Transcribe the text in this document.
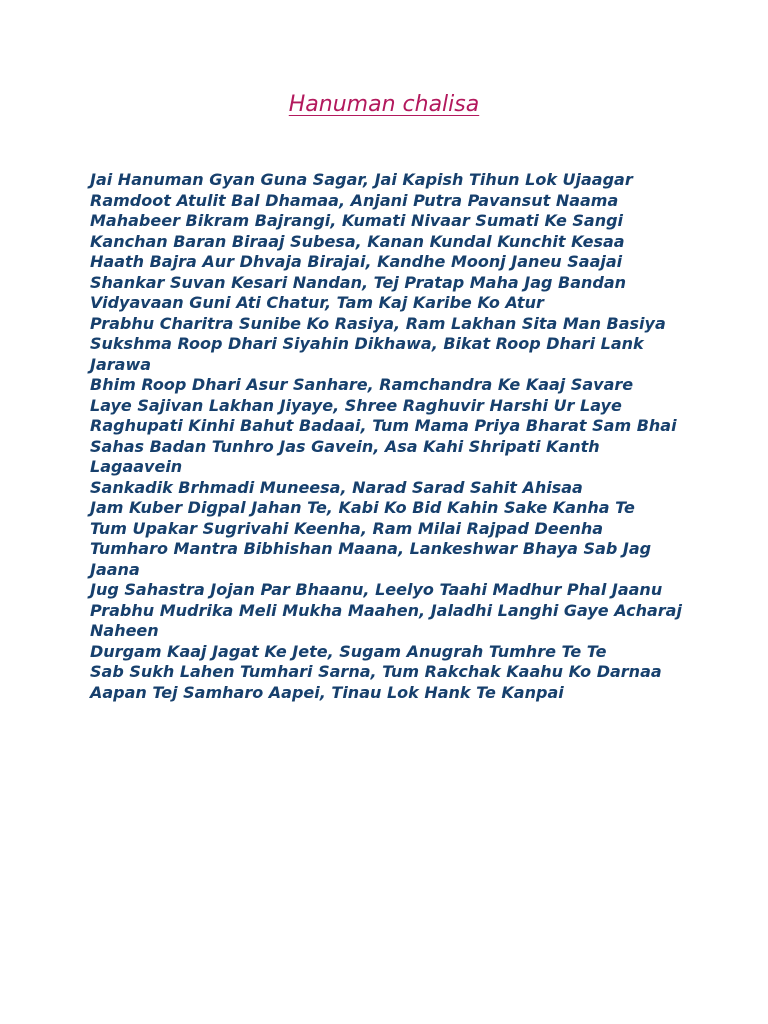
Hanuman chalisa
Jai Hanuman Gyan Guna Sagar, Jai Kapish Tihun Lok Ujaagar
Ramdoot Atulit Bal Dhamaa, Anjani Putra Pavansut Naama
Mahabeer Bikram Bajrangi, Kumati Nivaar Sumati Ke Sangi
Kanchan Baran Biraaj Subesa, Kanan Kundal Kunchit Kesaa
Haath Bajra Aur Dhvaja Birajai, Kandhe Moonj Janeu Saajai
Shankar Suvan Kesari Nandan, Tej Pratap Maha Jag Bandan
Vidyavaan Guni Ati Chatur, Tam Kaj Karibe Ko Atur
Prabhu Charitra Sunibe Ko Rasiya, Ram Lakhan Sita Man Basiya
Sukshma Roop Dhari Siyahin Dikhawa, Bikat Roop Dhari Lank Jarawa
Bhim Roop Dhari Asur Sanhare, Ramchandra Ke Kaaj Savare
Laye Sajivan Lakhan Jiyaye, Shree Raghuvir Harshi Ur Laye
Raghupati Kinhi Bahut Badaai, Tum Mama Priya Bharat Sam Bhai
Sahas Badan Tunhro Jas Gavein, Asa Kahi Shripati Kanth Lagaavein
Sankadik Brhmadi Muneesa, Narad Sarad Sahit Ahisaa
Jam Kuber Digpal Jahan Te, Kabi Ko Bid Kahin Sake Kanha Te
Tum Upakar Sugrivahi Keenha, Ram Milai Rajpad Deenha
Tumharo Mantra Bibhishan Maana, Lankeshwar Bhaya Sab Jag Jaana
Jug Sahastra Jojan Par Bhaanu, Leelyo Taahi Madhur Phal Jaanu
Prabhu Mudrika Meli Mukha Maahen, Jaladhi Langhi Gaye Acharaj Naheen
Durgam Kaaj Jagat Ke Jete, Sugam Anugrah Tumhre Te Te
Sab Sukh Lahen Tumhari Sarna, Tum Rakchak Kaahu Ko Darnaa
Aapan Tej Samharo Aapei, Tinau Lok Hank Te Kanpai
